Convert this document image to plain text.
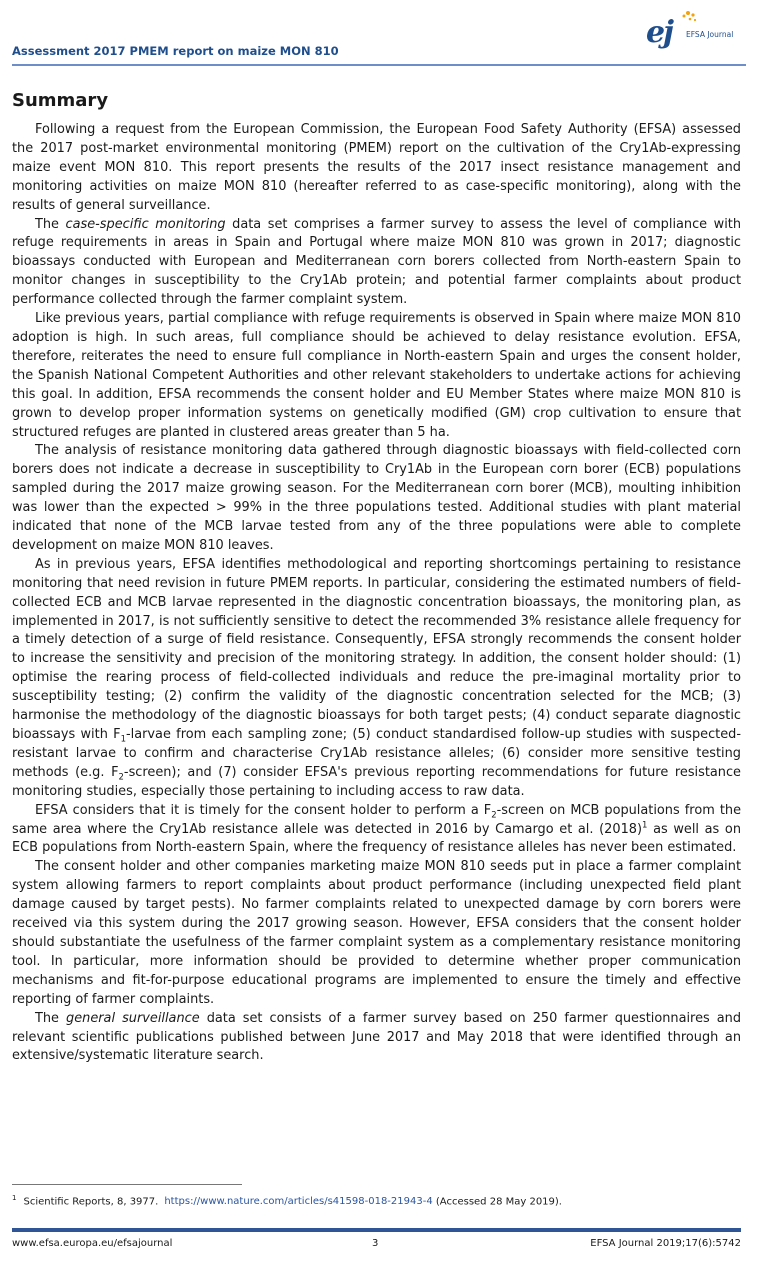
Assessment 2017 PMEM report on maize MON 810
ej EFSA Journal
Summary

Following a request from the European Commission, the European Food Safety Authority (EFSA) assessed the 2017 post-market environmental monitoring (PMEM) report on the cultivation of the Cry1Ab-expressing maize event MON 810. This report presents the results of the 2017 insect resistance management and monitoring activities on maize MON 810 (hereafter referred to as case-specific monitoring), along with the results of general surveillance.

The case-specific monitoring data set comprises a farmer survey to assess the level of compliance with refuge requirements in areas in Spain and Portugal where maize MON 810 was grown in 2017; diagnostic bioassays conducted with European and Mediterranean corn borers collected from North-eastern Spain to monitor changes in susceptibility to the Cry1Ab protein; and potential farmer complaints about product performance collected through the farmer complaint system.

Like previous years, partial compliance with refuge requirements is observed in Spain where maize MON 810 adoption is high. In such areas, full compliance should be achieved to delay resistance evolution. EFSA, therefore, reiterates the need to ensure full compliance in North-eastern Spain and urges the consent holder, the Spanish National Competent Authorities and other relevant stakeholders to undertake actions for achieving this goal. In addition, EFSA recommends the consent holder and EU Member States where maize MON 810 is grown to develop proper information systems on genetically modified (GM) crop cultivation to ensure that structured refuges are planted in clustered areas greater than 5 ha.

The analysis of resistance monitoring data gathered through diagnostic bioassays with field-collected corn borers does not indicate a decrease in susceptibility to Cry1Ab in the European corn borer (ECB) populations sampled during the 2017 maize growing season. For the Mediterranean corn borer (MCB), moulting inhibition was lower than the expected > 99% in the three populations tested. Additional studies with plant material indicated that none of the MCB larvae tested from any of the three populations were able to complete development on maize MON 810 leaves.

As in previous years, EFSA identifies methodological and reporting shortcomings pertaining to resistance monitoring that need revision in future PMEM reports. In particular, considering the estimated numbers of field-collected ECB and MCB larvae represented in the diagnostic concentration bioassays, the monitoring plan, as implemented in 2017, is not sufficiently sensitive to detect the recommended 3% resistance allele frequency for a timely detection of a surge of field resistance. Consequently, EFSA strongly recommends the consent holder to increase the sensitivity and precision of the monitoring strategy. In addition, the consent holder should: (1) optimise the rearing process of field-collected individuals and reduce the pre-imaginal mortality prior to susceptibility testing; (2) confirm the validity of the diagnostic concentration selected for the MCB; (3) harmonise the methodology of the diagnostic bioassays for both target pests; (4) conduct separate diagnostic bioassays with $F_1$-larvae from each sampling zone; (5) conduct standardised follow-up studies with suspected-resistant larvae to confirm and characterise Cry1Ab resistance alleles; (6) consider more sensitive testing methods (e.g. $F_2-screen$); and (7) consider EFSA's previous reporting recommendations for future resistance monitoring studies, especially those pertaining to including access to raw data.

EFSA considers that it is timely for the consent holder to perform a $F_2$-screen on MCB populations from the same area where the Cry1Ab resistance allele was detected in 2016 by Camargo et al. $(2018)^1$ as well as on ECB populations from North-eastern Spain, where the frequency of resistance alleles has never been estimated.

The consent holder and other companies marketing maize MON 810 seeds put in place a farmer complaint system allowing farmers to report complaints about product performance (including unexpected field plant damage caused by target pests). No farmer complaints related to unexpected damage by corn borers were received via this system during the 2017 growing season. However, EFSA considers that the consent holder should substantiate the usefulness of the farmer complaint system as a complementary resistance monitoring tool. In particular, more information should be provided to determine whether proper communication mechanisms and fit-for-purpose educational programs are implemented to ensure the timely and effective reporting of farmer complaints.

The general surveillance data set consists of a farmer survey based on 250 farmer questionnaires and relevant scientific publications published between June 2017 and May 2018 that were identified through an extensive/systematic literature search.

$^1$ Scientific Reports, 8, 3977. https://www.nature.com/articles/s41598-018-21943-4 (Accessed 28 May 2019).
www.efsa.europa.eu/efsajournal	3	EFSA Journal 2019;17(6):5742
